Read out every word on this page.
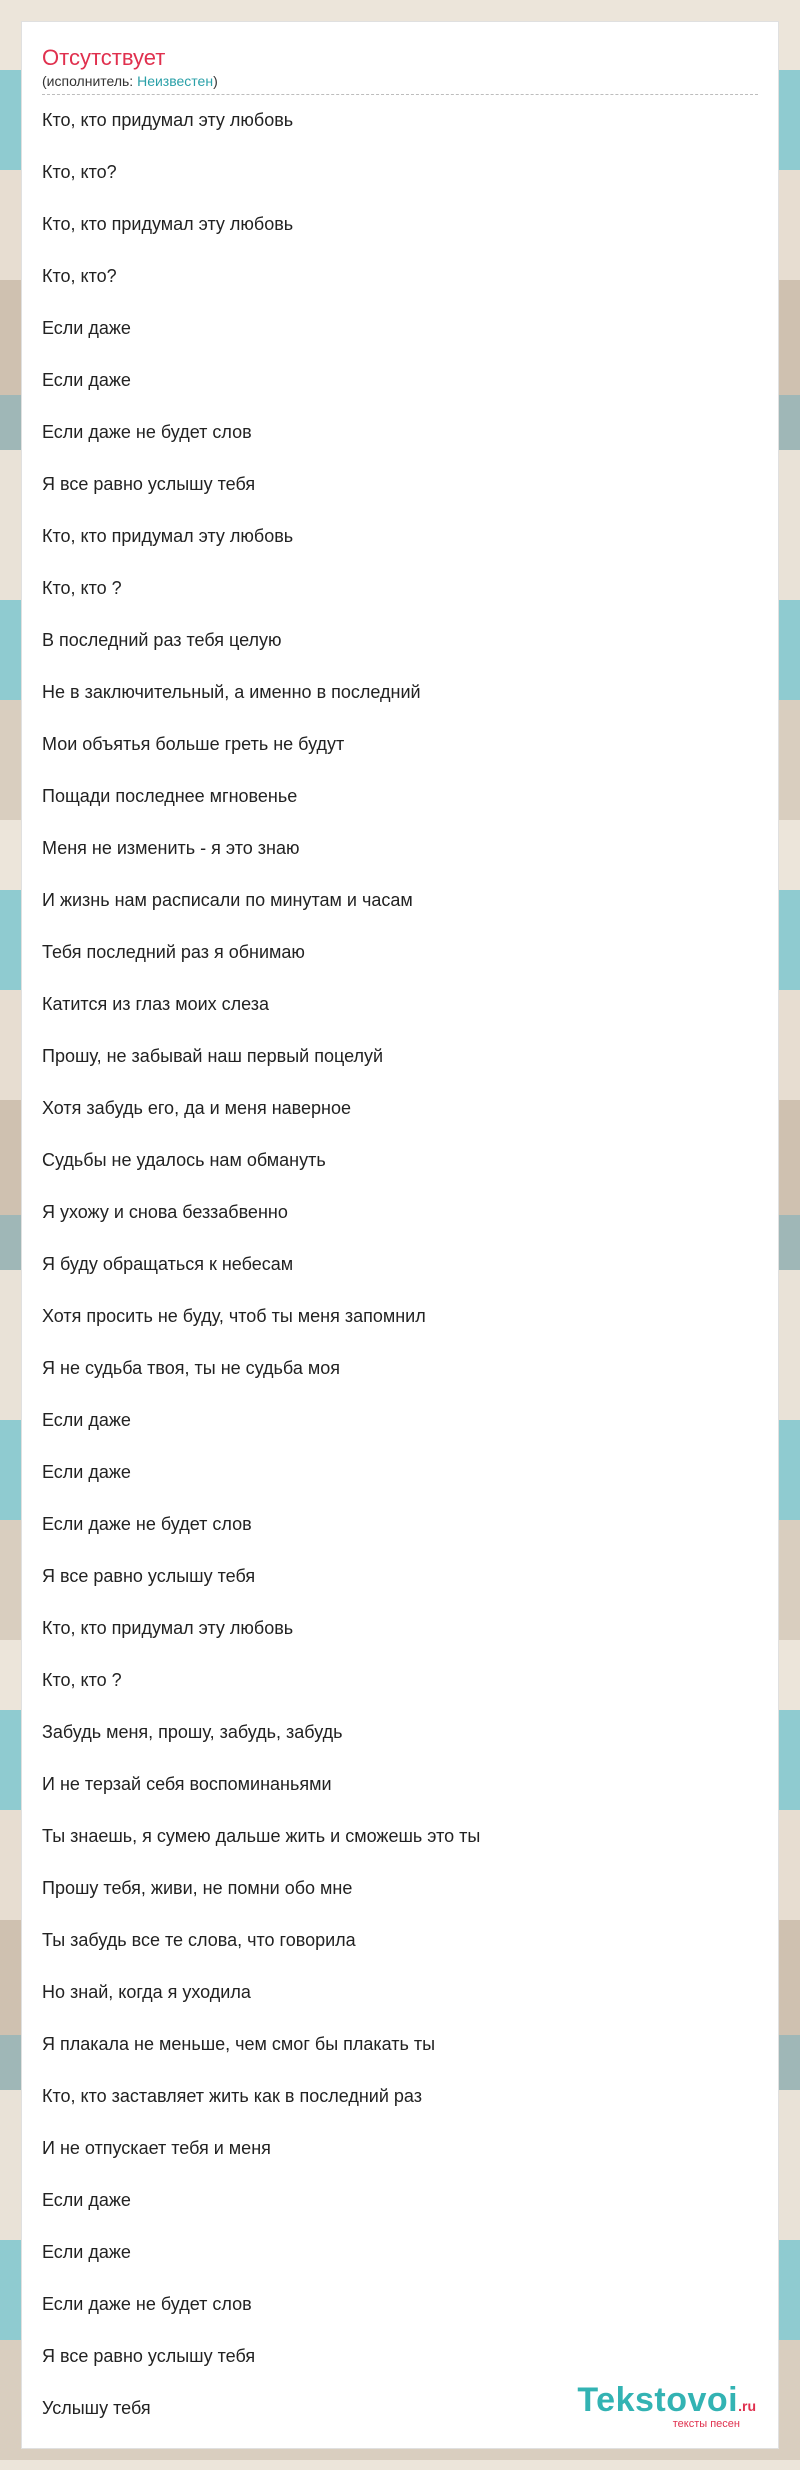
Отсутствует
(исполнитель: Неизвестен)
Кто, кто придумал эту любовь
Кто, кто?
Кто, кто придумал эту любовь
Кто, кто?
Если даже
Если даже
Если даже не будет слов
Я все равно услышу тебя
Кто, кто придумал эту любовь
Кто, кто ?
В последний раз тебя целую
Не в заключительный, а именно в последний
Мои объятья больше греть не будут
Пощади последнее мгновенье
Меня не изменить - я это знаю
И жизнь нам расписали по минутам и часам
Тебя последний раз я обнимаю
Катится из глаз моих слеза
Прошу, не забывай наш первый поцелуй
Хотя забудь его, да и меня наверное
Судьбы не удалось нам обмануть
Я ухожу и снова беззабвенно
Я буду обращаться к небесам
Хотя просить не буду, чтоб ты меня запомнил
Я не судьба твоя, ты не судьба моя
Если даже
Если даже
Если даже не будет слов
Я все равно услышу тебя
Кто, кто придумал эту любовь
Кто, кто ?
Забудь меня, прошу, забудь, забудь
И не терзай себя воспоминаньями
Ты знаешь, я сумею дальше жить и сможешь это ты
Прошу тебя, живи, не помни обо мне
Ты забудь все те слова, что говорила
Но знай, когда я уходила
Я плакала не меньше, чем смог бы плакать ты
Кто, кто заставляет жить как в последний раз
И не отпускает тебя и меня
Если даже
Если даже
Если даже не будет слов
Я все равно услышу тебя
Услышу тебя	Tekstovoi.ru
тексты песен
